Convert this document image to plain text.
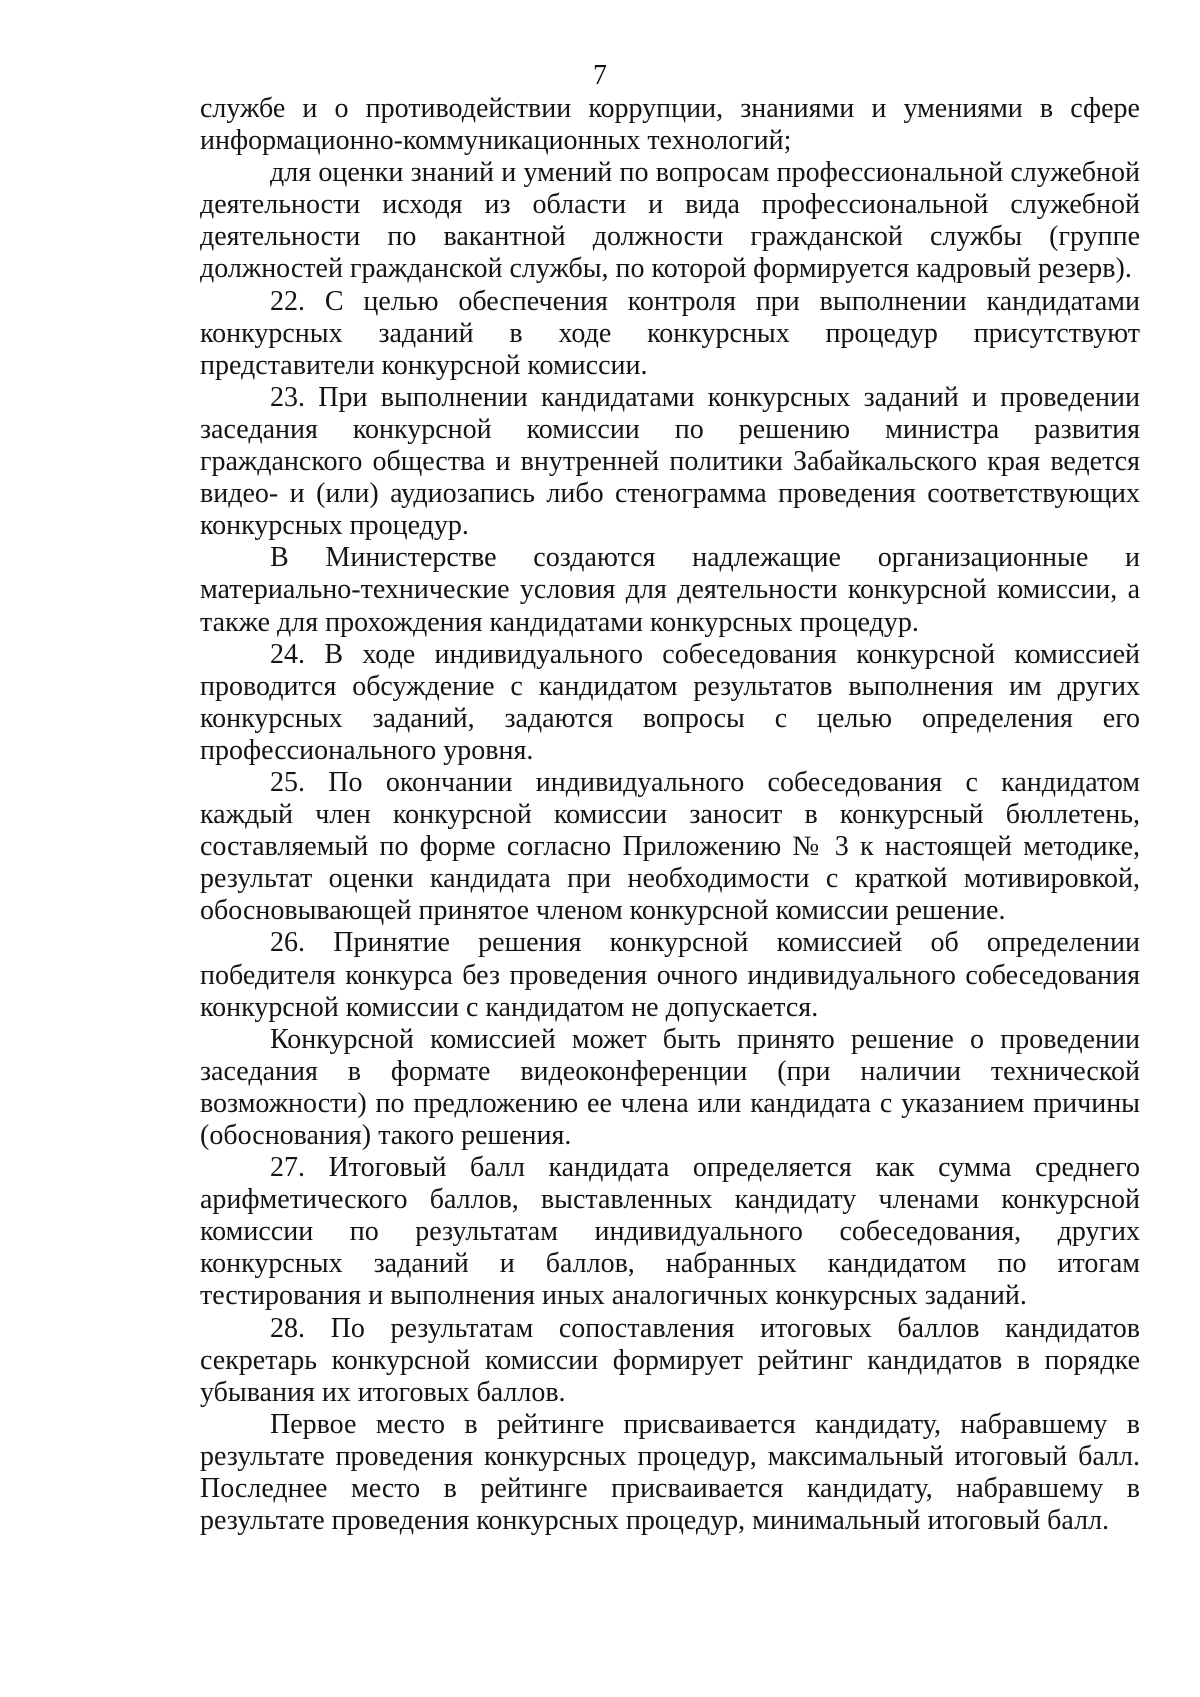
7

службе и о противодействии коррупции, знаниями и умениями в сфере информационно-коммуникационных технологий;

для оценки знаний и умений по вопросам профессиональной служебной деятельности исходя из области и вида профессиональной служебной деятельности по вакантной должности гражданской службы (группе должностей гражданской службы, по которой формируется кадровый резерв).

22. С целью обеспечения контроля при выполнении кандидатами конкурсных заданий в ходе конкурсных процедур присутствуют представители конкурсной комиссии.

23. При выполнении кандидатами конкурсных заданий и проведении заседания конкурсной комиссии по решению министра развития гражданского общества и внутренней политики Забайкальского края ведется видео- и (или) аудиозапись либо стенограмма проведения соответствующих конкурсных процедур.

В Министерстве создаются надлежащие организационные и материально-технические условия для деятельности конкурсной комиссии, а также для прохождения кандидатами конкурсных процедур.

24. В ходе индивидуального собеседования конкурсной комиссией проводится обсуждение с кандидатом результатов выполнения им других конкурсных заданий, задаются вопросы с целью определения его профессионального уровня.

25. По окончании индивидуального собеседования с кандидатом каждый член конкурсной комиссии заносит в конкурсный бюллетень, составляемый по форме согласно Приложению № 3 к настоящей методике, результат оценки кандидата при необходимости с краткой мотивировкой, обосновывающей принятое членом конкурсной комиссии решение.

26. Принятие решения конкурсной комиссией об определении победителя конкурса без проведения очного индивидуального собеседования конкурсной комиссии с кандидатом не допускается.

Конкурсной комиссией может быть принято решение о проведении заседания в формате видеоконференции (при наличии технической возможности) по предложению ее члена или кандидата с указанием причины (обоснования) такого решения.

27. Итоговый балл кандидата определяется как сумма среднего арифметического баллов, выставленных кандидату членами конкурсной комиссии по результатам индивидуального собеседования, других конкурсных заданий и баллов, набранных кандидатом по итогам тестирования и выполнения иных аналогичных конкурсных заданий.

28. По результатам сопоставления итоговых баллов кандидатов секретарь конкурсной комиссии формирует рейтинг кандидатов в порядке убывания их итоговых баллов.

Первое место в рейтинге присваивается кандидату, набравшему в результате проведения конкурсных процедур, максимальный итоговый балл. Последнее место в рейтинге присваивается кандидату, набравшему в результате проведения конкурсных процедур, минимальный итоговый балл.
